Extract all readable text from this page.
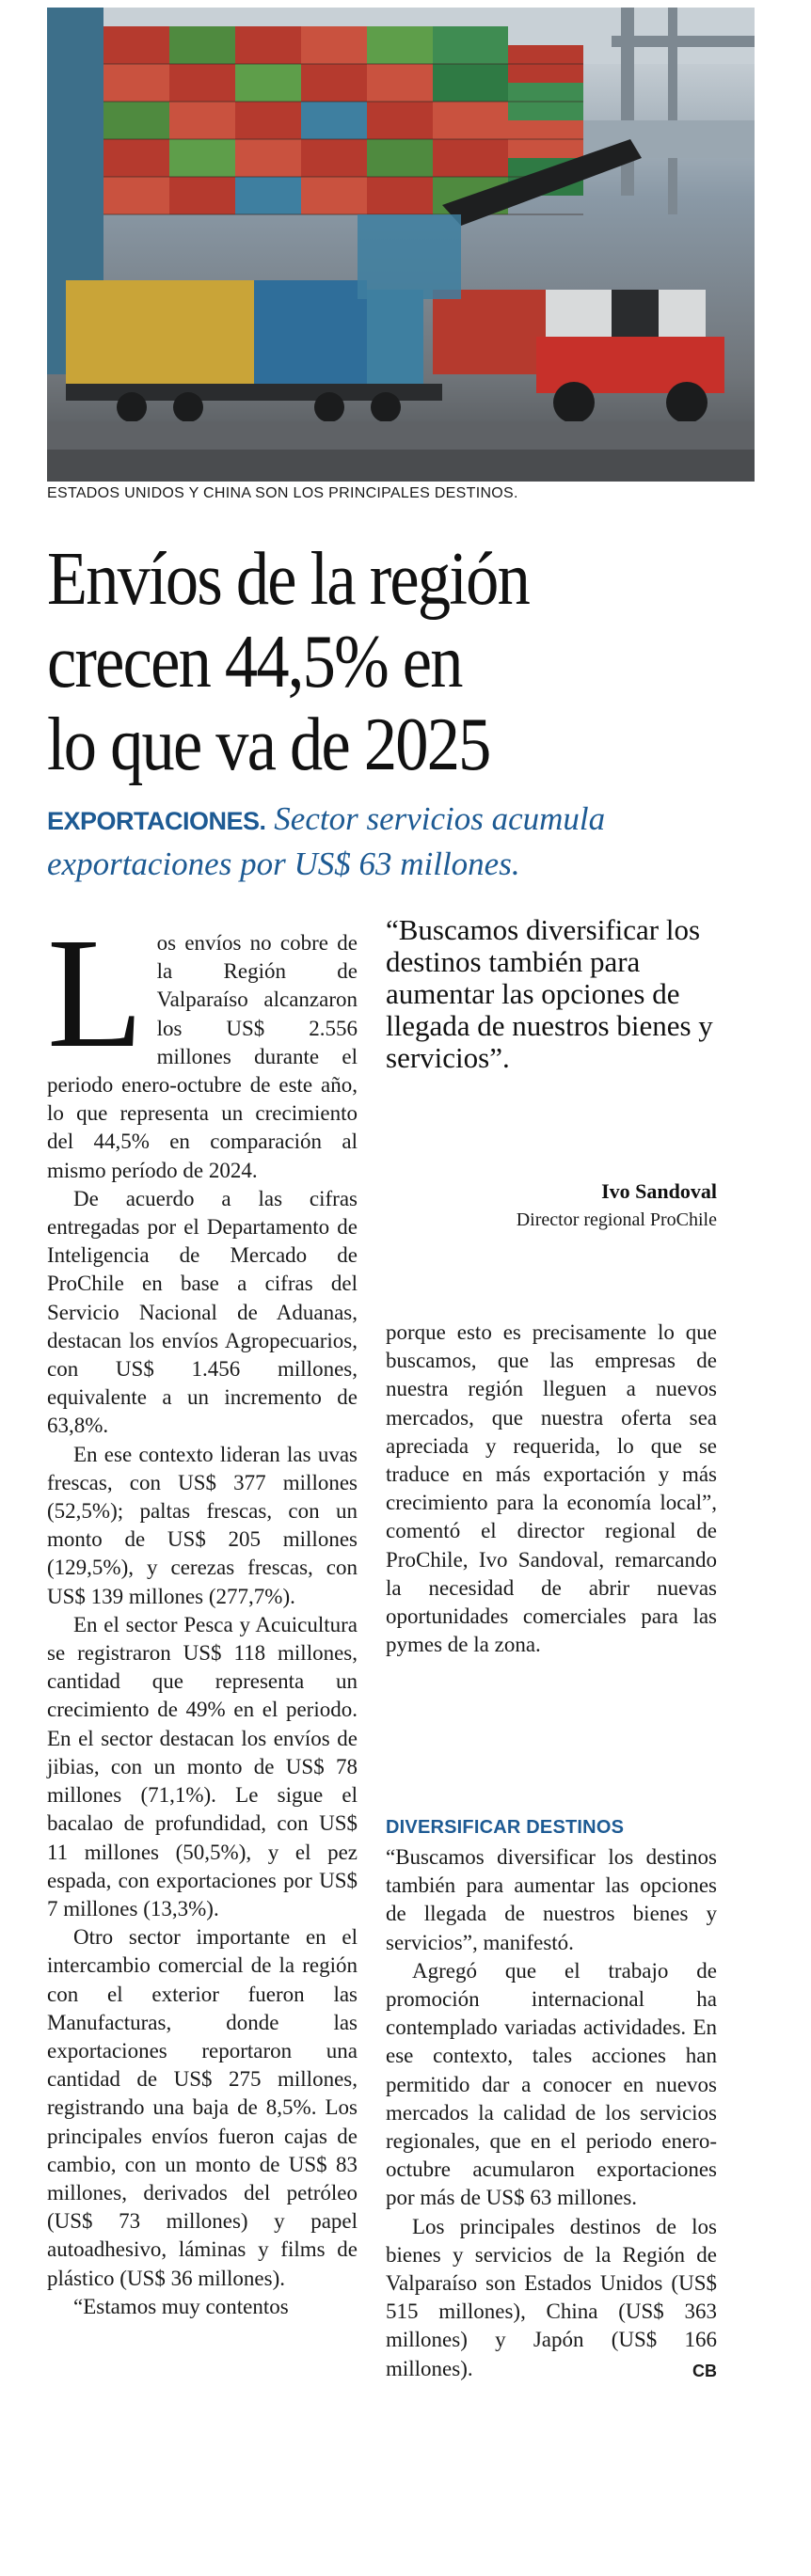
ESTADOS UNIDOS Y CHINA SON LOS PRINCIPALES DESTINOS.
Envíos de la región
crecen 44,5% en
lo que va de 2025
EXPORTACIONES. Sector servicios acumula exportaciones por US$ 63 millones.

Los envíos no cobre de la Región de Valparaíso alcanzaron los US$ 2.556 millones durante el periodo enero-octubre de este año, lo que representa un crecimiento del 44,5% en comparación al mismo período de 2024.

De acuerdo a las cifras entregadas por el Departamento de Inteligencia de Mercado de ProChile en base a cifras del Servicio Nacional de Aduanas, destacan los envíos Agropecuarios, con US$ 1.456 millones, equivalente a un incremento de 63,8%.

En ese contexto lideran las uvas frescas, con US$ 377 millones (52,5%); paltas frescas, con un monto de US$ 205 millones (129,5%), y cerezas frescas, con US$ 139 millones (277,7%).

En el sector Pesca y Acuicultura se registraron US$ 118 millones, cantidad que representa un crecimiento de 49% en el periodo. En el sector destacan los envíos de jibias, con un monto de US$ 78 millones (71,1%). Le sigue el bacalao de profundidad, con US$ 11 millones (50,5%), y el pez espada, con exportaciones por US$ 7 millones (13,3%).

Otro sector importante en el intercambio comercial de la región con el exterior fueron las Manufacturas, donde las exportaciones reportaron una cantidad de US$ 275 millones, registrando una baja de 8,5%. Los principales envíos fueron cajas de cambio, con un monto de US$ 83 millones, derivados del petróleo (US$ 73 millones) y papel autoadhesivo, láminas y films de plástico (US$ 36 millones).

“Estamos muy contentos

“Buscamos diversificar los destinos también para aumentar las opciones de llegada de nuestros bienes y servicios”.
Ivo Sandoval
Director regional ProChile

porque esto es precisamente lo que buscamos, que las empresas de nuestra región lleguen a nuevos mercados, que nuestra oferta sea apreciada y requerida, lo que se traduce en más exportación y más crecimiento para la economía local”, comentó el director regional de ProChile, Ivo Sandoval, remarcando la necesidad de abrir nuevas oportunidades comerciales para las pymes de la zona.

DIVERSIFICAR DESTINOS

“Buscamos diversificar los destinos también para aumentar las opciones de llegada de nuestros bienes y servicios”, manifestó.

Agregó que el trabajo de promoción internacional ha contemplado variadas actividades. En ese contexto, tales acciones han permitido dar a conocer en nuevos mercados la calidad de los servicios regionales, que en el periodo enero-octubre acumularon exportaciones por más de US$ 63 millones.

Los principales destinos de los bienes y servicios de la Región de Valparaíso son Estados Unidos (US$ 515 millones), China (US$ 363 millones) y Japón (US$ 166 millones).	CB
